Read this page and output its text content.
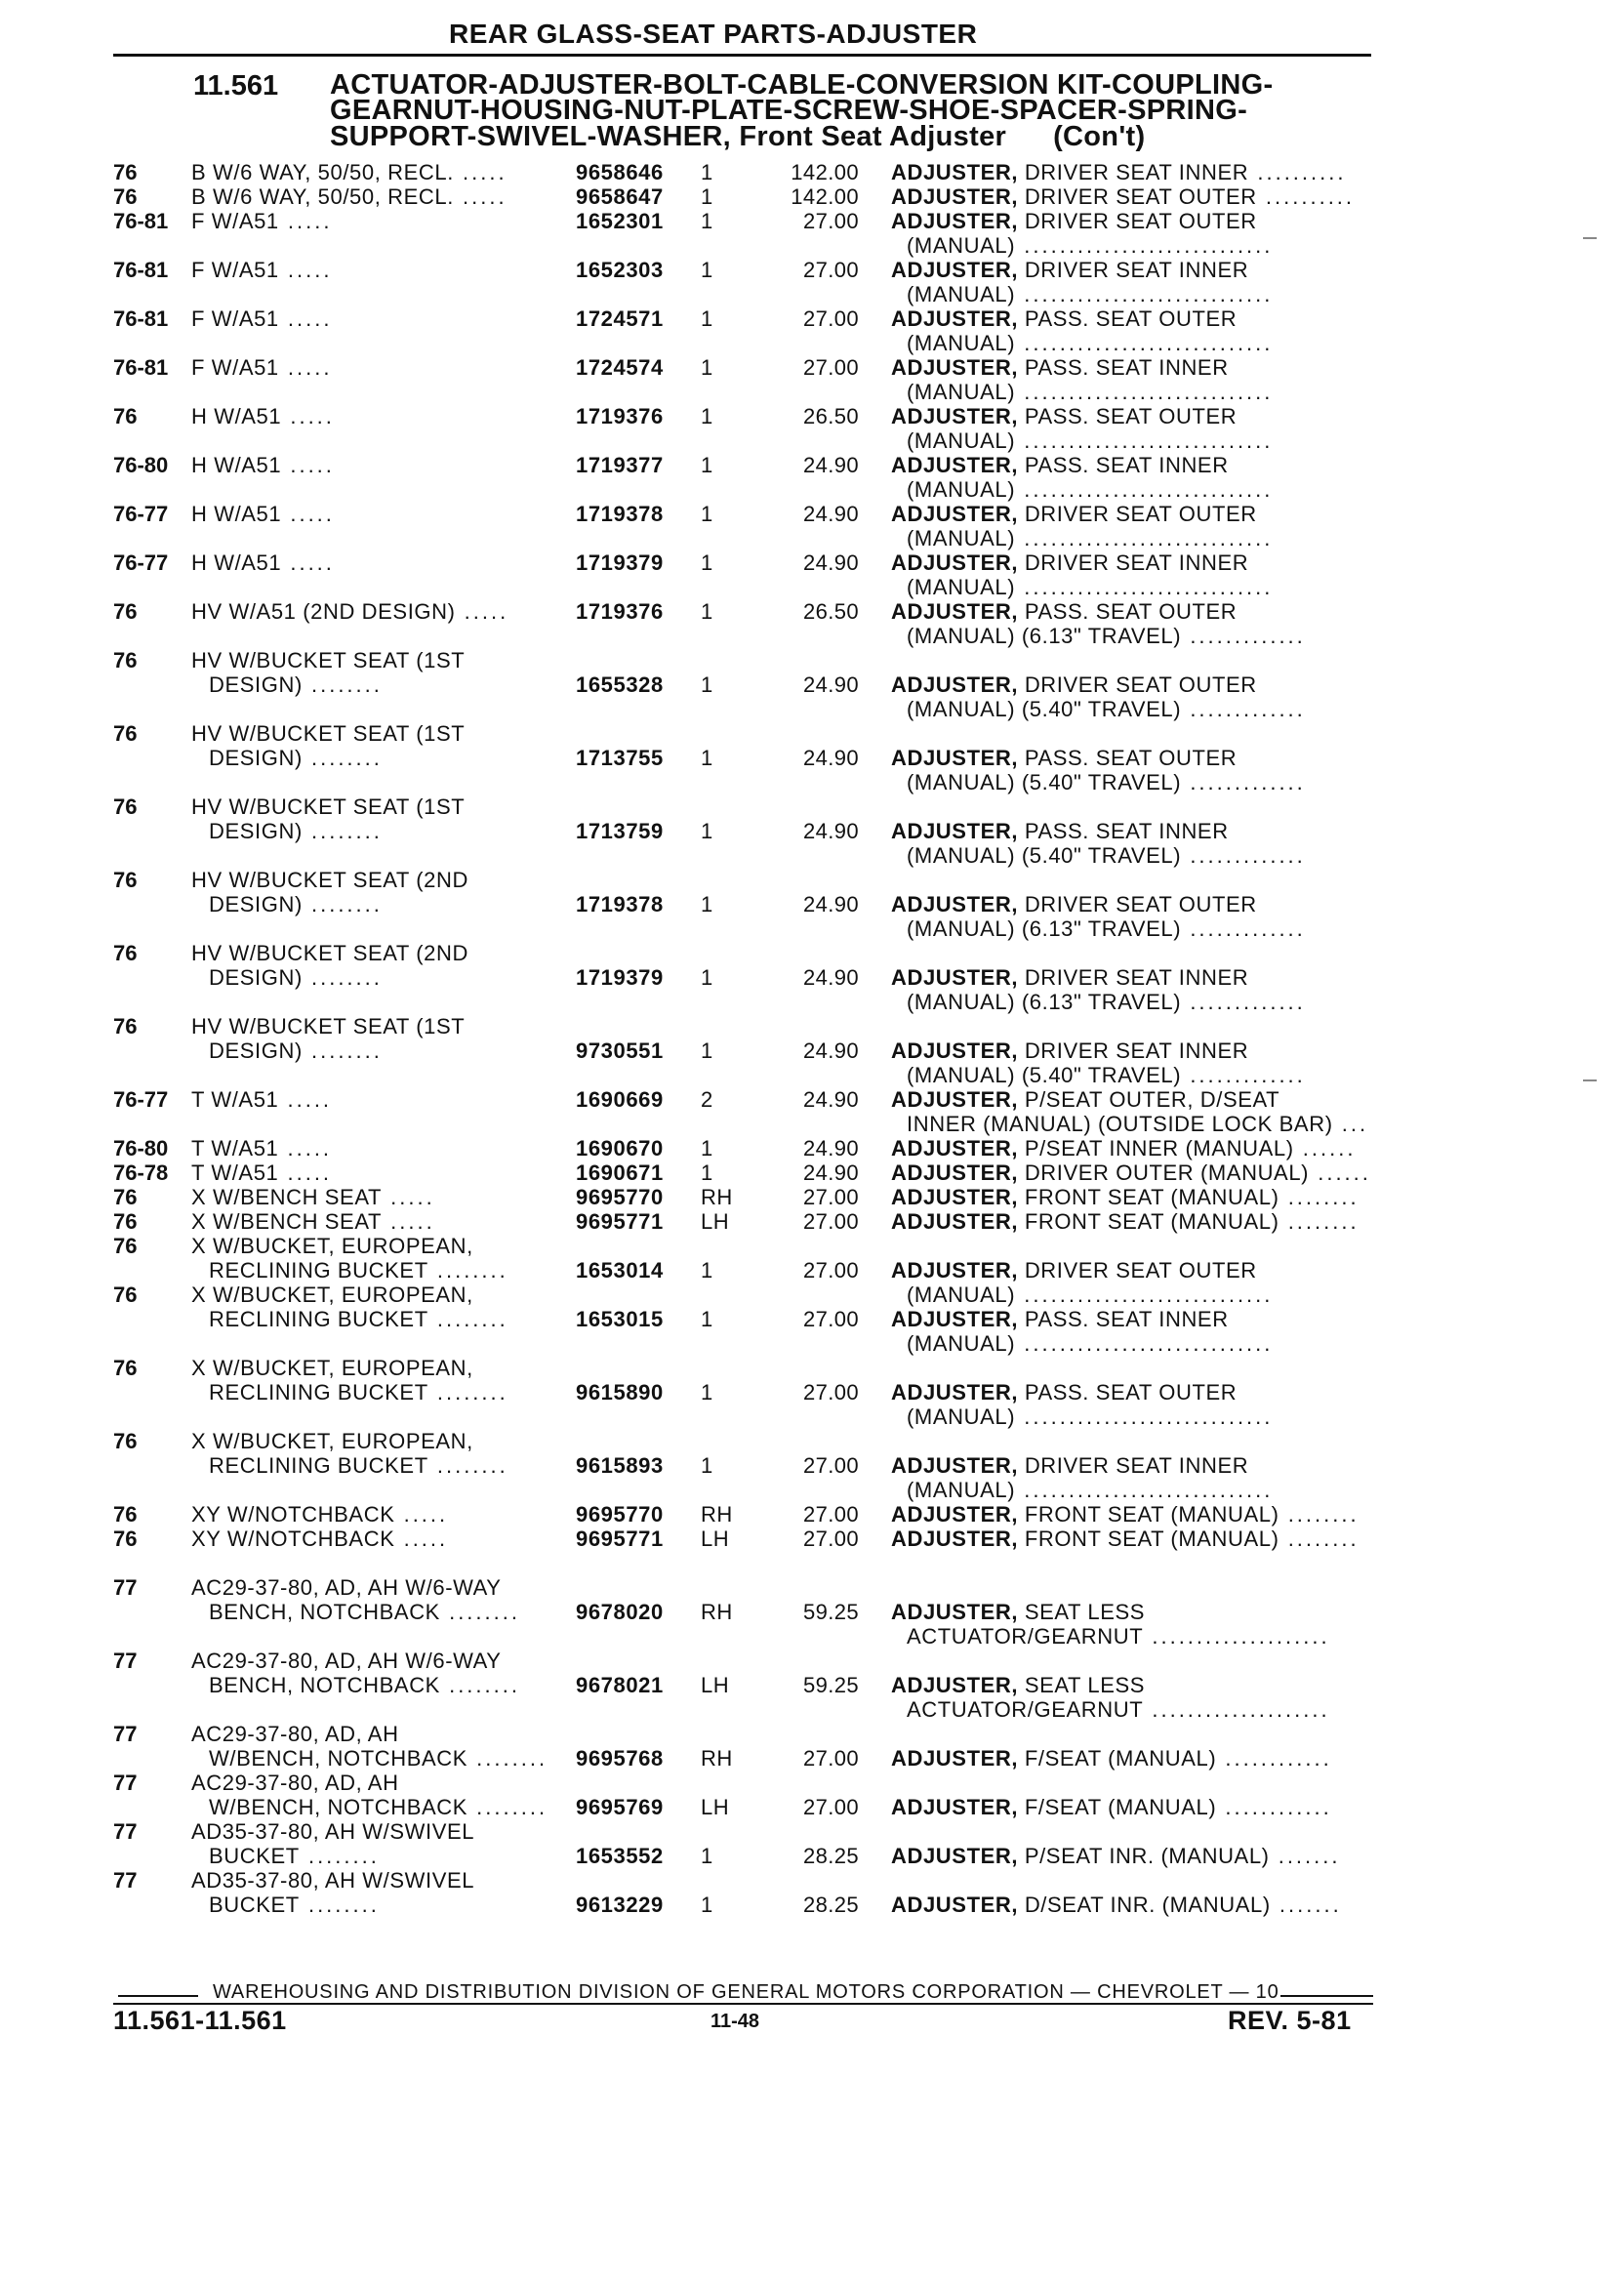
REAR GLASS-SEAT PARTS-ADJUSTER
11.561 ACTUATOR-ADJUSTER-BOLT-CABLE-CONVERSION KIT-COUPLING-
GEARNUT-HOUSING-NUT-PLATE-SCREW-SHOE-SPACER-SPRING-
SUPPORT-SWIVEL-WASHER, Front Seat Adjuster (Con't)
76	B W/6 WAY, 50/50, RECL. .....	9658646 1	142.00 ADJUSTER, DRIVER SEAT INNER ..........
76	B W/6 WAY, 50/50, RECL. .....	9658647 1	142.00 ADJUSTER, DRIVER SEAT OUTER ..........
76-81 F W/A51 .....	1652301 1	27.00 ADJUSTER, DRIVER SEAT OUTER
(MANUAL) ............................
76-81 F W/A51 .....	1652303 1	27.00 ADJUSTER, DRIVER SEAT INNER
(MANUAL) ............................
76-81 F W/A51 .....	1724571 1	27.00 ADJUSTER, PASS. SEAT OUTER
(MANUAL) ............................
76-81 F W/A51 .....	1724574 1	27.00 ADJUSTER, PASS. SEAT INNER
(MANUAL) ............................
76	H W/A51 .....	1719376 1	26.50 ADJUSTER, PASS. SEAT OUTER
(MANUAL) ............................
76-80 H W/A51 .....	1719377 1	24.90 ADJUSTER, PASS. SEAT INNER
(MANUAL) ............................
76-77 H W/A51 .....	1719378 1	24.90 ADJUSTER, DRIVER SEAT OUTER
(MANUAL) ............................
76-77 H W/A51 .....	1719379 1	24.90 ADJUSTER, DRIVER SEAT INNER
(MANUAL) ............................
76	HV W/A51 (2ND DESIGN) .....	1719376 1	26.50 ADJUSTER, PASS. SEAT OUTER
(MANUAL) (6.13" TRAVEL) .............
76	HV W/BUCKET SEAT (1ST
DESIGN) ........	1655328 1	24.90 ADJUSTER, DRIVER SEAT OUTER
(MANUAL) (5.40" TRAVEL) .............
76	HV W/BUCKET SEAT (1ST
DESIGN) ........	1713755 1	24.90 ADJUSTER, PASS. SEAT OUTER
(MANUAL) (5.40" TRAVEL) .............
76	HV W/BUCKET SEAT (1ST
DESIGN) ........	1713759 1	24.90 ADJUSTER, PASS. SEAT INNER
(MANUAL) (5.40" TRAVEL) .............
76	HV W/BUCKET SEAT (2ND
DESIGN) ........	1719378 1	24.90 ADJUSTER, DRIVER SEAT OUTER
(MANUAL) (6.13" TRAVEL) .............
76	HV W/BUCKET SEAT (2ND
DESIGN) ........	1719379 1	24.90 ADJUSTER, DRIVER SEAT INNER
(MANUAL) (6.13" TRAVEL) .............
76	HV W/BUCKET SEAT (1ST
DESIGN) ........	9730551 1	24.90 ADJUSTER, DRIVER SEAT INNER
(MANUAL) (5.40" TRAVEL) .............
76-77 T W/A51 .....	1690669 2	24.90 ADJUSTER, P/SEAT OUTER, D/SEAT
INNER (MANUAL) (OUTSIDE LOCK BAR) ...
76-80 T W/A51 .....	1690670 1	24.90 ADJUSTER, P/SEAT INNER (MANUAL) ......
76-78 T W/A51 .....	1690671 1	24.90 ADJUSTER, DRIVER OUTER (MANUAL) ......
76	X W/BENCH SEAT .....	9695770 RH	27.00 ADJUSTER, FRONT SEAT (MANUAL) ........
76	X W/BENCH SEAT .....	9695771 LH	27.00 ADJUSTER, FRONT SEAT (MANUAL) ........
76	X W/BUCKET, EUROPEAN,
RECLINING BUCKET ........	1653014 1	27.00 ADJUSTER, DRIVER SEAT OUTER
(MANUAL) ............................
76	X W/BUCKET, EUROPEAN,
RECLINING BUCKET ........	1653015 1	27.00 ADJUSTER, PASS. SEAT INNER
(MANUAL) ............................
76	X W/BUCKET, EUROPEAN,
RECLINING BUCKET ........	9615890 1	27.00 ADJUSTER, PASS. SEAT OUTER
(MANUAL) ............................
76	X W/BUCKET, EUROPEAN,
RECLINING BUCKET ........	9615893 1	27.00 ADJUSTER, DRIVER SEAT INNER
(MANUAL) ............................
76	XY W/NOTCHBACK .....	9695770 RH	27.00 ADJUSTER, FRONT SEAT (MANUAL) ........
76	XY W/NOTCHBACK .....	9695771 LH	27.00 ADJUSTER, FRONT SEAT (MANUAL) ........
77	AC29-37-80, AD, AH W/6-WAY
BENCH, NOTCHBACK ........	9678020 RH	59.25 ADJUSTER, SEAT LESS
ACTUATOR/GEARNUT ....................
77	AC29-37-80, AD, AH W/6-WAY
BENCH, NOTCHBACK ........	9678021 LH	59.25 ADJUSTER, SEAT LESS
ACTUATOR/GEARNUT ....................
77	AC29-37-80, AD, AH
W/BENCH, NOTCHBACK ........ 9695768 RH	27.00 ADJUSTER, F/SEAT (MANUAL) ............
77	AC29-37-80, AD, AH
W/BENCH, NOTCHBACK ........ 9695769 LH	27.00 ADJUSTER, F/SEAT (MANUAL) ............
77	AD35-37-80, AH W/SWIVEL
BUCKET ........	1653552 1	28.25 ADJUSTER, P/SEAT INR. (MANUAL) .......
77	AD35-37-80, AH W/SWIVEL
BUCKET ........	9613229 1	28.25 ADJUSTER, D/SEAT INR. (MANUAL) .......
WAREHOUSING AND DISTRIBUTION DIVISION OF GENERAL MOTORS CORPORATION — CHEVROLET — 10
11.561-11.561	11-48	REV. 5-81
